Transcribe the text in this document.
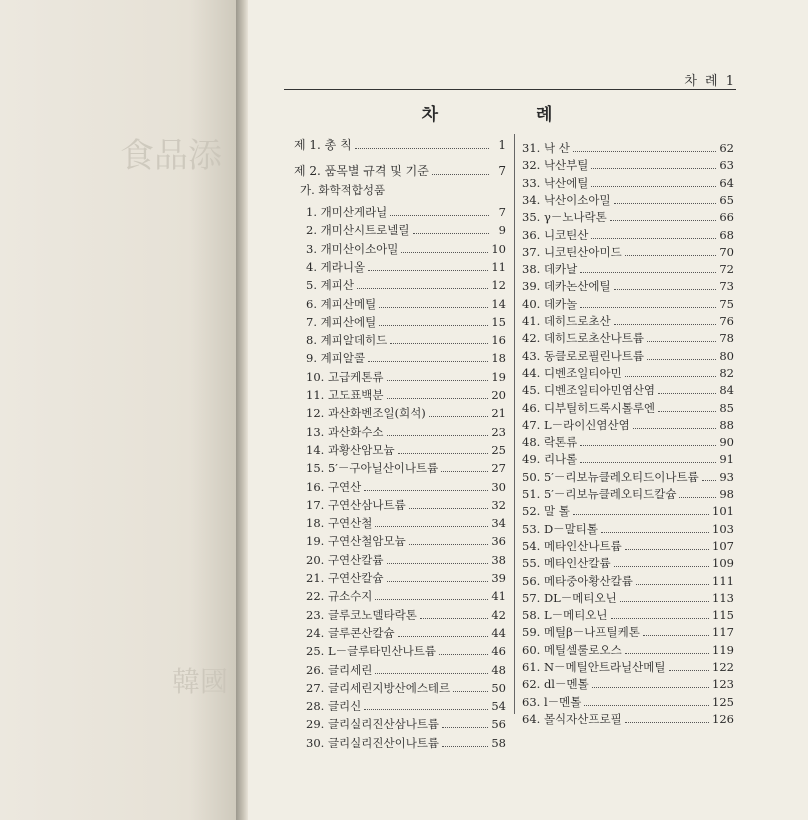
食品添
韓國
차 례 1
차 례
제 1. 총 칙	1
제 2. 품목별 규격 및 기준	7
가. 화학적합성품
1. 개미산게라닐	7
2. 개미산시트로넬릴	9
3. 개미산이소아밀	10
4. 게라니올	11
5. 계피산	12
6. 계피산메틸	14
7. 계피산에틸	15
8. 계피알데히드	16
9. 계피알콜	18
10. 고급케톤류	19
11. 고도표백분	20
12. 과산화벤조일(희석)	21
13. 과산화수소	23
14. 과황산암모늄	25
15. 5′－구아닐산이나트륨	27
16. 구연산	30
17. 구연산삼나트륨	32
18. 구연산철	34
19. 구연산철암모늄	36
20. 구연산칼륨	38
21. 구연산칼슘	39
22. 규소수지	41
23. 글루코노델타락톤	42
24. 글루콘산칼슘	44
25. L－글루타민산나트륨	46
26. 글리세린	48
27. 글리세린지방산에스테르	50
28. 글리신	54
29. 글리실리진산삼나트륨	56
30. 글리실리진산이나트륨	58
31. 낙 산	62
32. 낙산부틸	63
33. 낙산에틸	64
34. 낙산이소아밀	65
35. γ－노나락톤	66
36. 니코틴산	68
37. 니코틴산아미드	70
38. 데카날	72
39. 데카논산에틸	73
40. 데카놀	75
41. 데히드로초산	76
42. 데히드로초산나트륨	78
43. 동클로로필린나트륨	80
44. 디벤조일티아민	82
45. 디벤조일티아민염산염	84
46. 디부틸히드록시톨루엔	85
47. L－라이신염산염	88
48. 락톤류	90
49. 리나롤	91
50. 5′－리보뉴클레오티드이나트륨 93
51. 5′－리보뉴클레오티드칼슘	98
52. 말 톨	101
53. D－말티톨	103
54. 메타인산나트륨	107
55. 메타인산칼륨	109
56. 메타중아황산칼륨	111
57. DL－메티오닌	113
58. L－메티오닌	115
59. 메틸β－나프틸케톤	117
60. 메틸셀룰로오스	119
61. N－메틸안트라닐산메틸	122
62. dl－멘톨	123
63. l－멘톨	125
64. 몰식자산프로필	126
